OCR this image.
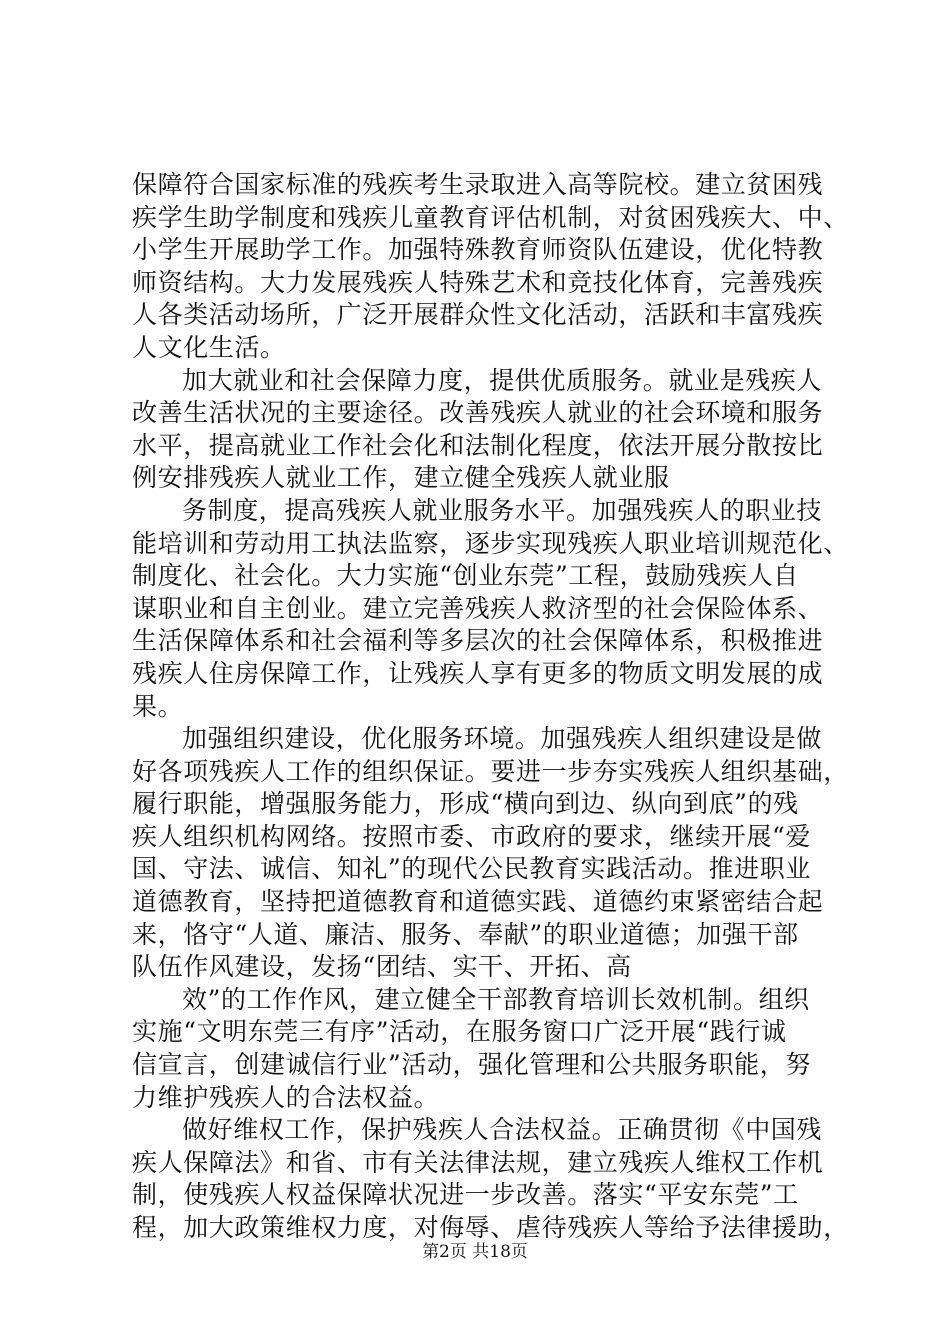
保障符合国家标准的残疾考生录取进入高等院校。建立贫困残
疾学生助学制度和残疾儿童教育评估机制，对贫困残疾大、中、
小学生开展助学工作。加强特殊教育师资队伍建设，优化特教
师资结构。大力发展残疾人特殊艺术和竞技化体育，完善残疾
人各类活动场所，广泛开展群众性文化活动，活跃和丰富残疾
人文化生活。
加大就业和社会保障力度，提供优质服务。就业是残疾人
改善生活状况的主要途径。改善残疾人就业的社会环境和服务
水平，提高就业工作社会化和法制化程度，依法开展分散按比
例安排残疾人就业工作，建立健全残疾人就业服
务制度，提高残疾人就业服务水平。加强残疾人的职业技
能培训和劳动用工执法监察，逐步实现残疾人职业培训规范化、
制度化、社会化。大力实施“创业东莞”工程，鼓励残疾人自
谋职业和自主创业。建立完善残疾人救济型的社会保险体系、
生活保障体系和社会福利等多层次的社会保障体系，积极推进
残疾人住房保障工作，让残疾人享有更多的物质文明发展的成
果。
加强组织建设，优化服务环境。加强残疾人组织建设是做
好各项残疾人工作的组织保证。要进一步夯实残疾人组织基础，
履行职能，增强服务能力，形成“横向到边、纵向到底”的残
疾人组织机构网络。按照市委、市政府的要求，继续开展“爱
国、守法、诚信、知礼”的现代公民教育实践活动。推进职业
道德教育，坚持把道德教育和道德实践、道德约束紧密结合起
来，恪守“人道、廉洁、服务、奉献”的职业道德；加强干部
队伍作风建设，发扬“团结、实干、开拓、高
效”的工作作风，建立健全干部教育培训长效机制。组织
实施“文明东莞三有序”活动，在服务窗口广泛开展“践行诚
信宣言，创建诚信行业”活动，强化管理和公共服务职能，努
力维护残疾人的合法权益。
做好维权工作，保护残疾人合法权益。正确贯彻《中国残
疾人保障法》和省、市有关法律法规，建立残疾人维权工作机
制，使残疾人权益保障状况进一步改善。落实“平安东莞”工
程，加大政策维权力度，对侮辱、虐待残疾人等给予法律援助，
第2页 共18页
